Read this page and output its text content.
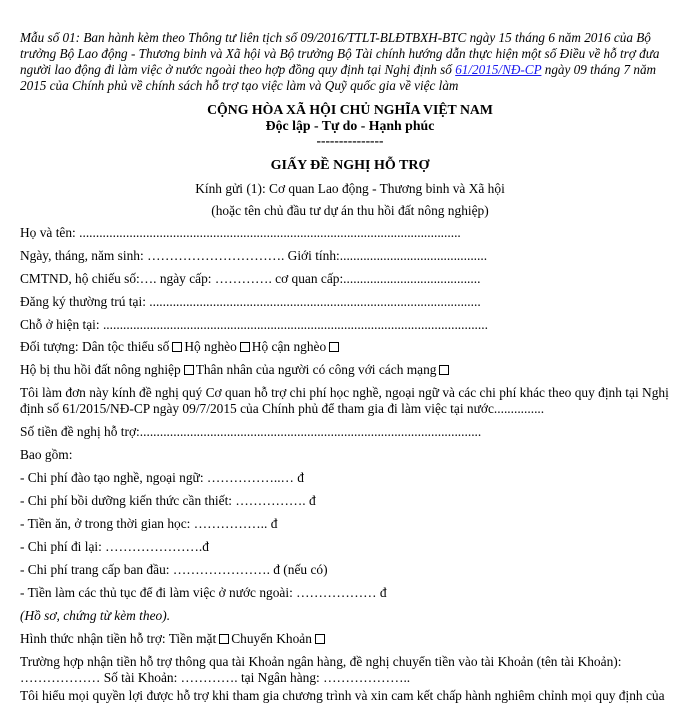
Mẫu số 01: Ban hành kèm theo Thông tư liên tịch số 09/2016/TTLT-BLĐTBXH-BTC ngày 15 tháng 6 năm 2016 của Bộ trưởng Bộ Lao động - Thương binh và Xã hội và Bộ trưởng Bộ Tài chính hướng dẫn thực hiện một số Điều về hỗ trợ đưa người lao động đi làm việc ở nước ngoài theo hợp đồng quy định tại Nghị định số 61/2015/NĐ-CP ngày 09 tháng 7 năm 2015 của Chính phủ về chính sách hỗ trợ tạo việc làm và Quỹ quốc gia về việc làm
CỘNG HÒA XÃ HỘI CHỦ NGHĨA VIỆT NAM
Độc lập - Tự do - Hạnh phúc
---------------
GIẤY ĐỀ NGHỊ HỖ TRỢ
Kính gửi (1): Cơ quan Lao động - Thương binh và Xã hội
(hoặc tên chủ đầu tư dự án thu hồi đất nông nghiệp)
Họ và tên: ..................................................................................................................
Ngày, tháng, năm sinh: …………………………. Giới tính:............................................
CMTND, hộ chiếu số:…. ngày cấp: …………. cơ quan cấp:.........................................
Đăng ký thường trú tại: ...................................................................................................
Chỗ ở hiện tại: ...................................................................................................................
Đối tượng: Dân tộc thiểu số Hộ nghèo Hộ cận nghèo
Hộ bị thu hồi đất nông nghiệp Thân nhân của người có công với cách mạng
Tôi làm đơn này kính đề nghị quý Cơ quan hỗ trợ chi phí học nghề, ngoại ngữ và các chi phí khác theo quy định tại Nghị định số 61/2015/NĐ-CP ngày 09/7/2015 của Chính phủ để tham gia đi làm việc tại nước...............
Số tiền đề nghị hỗ trợ:......................................................................................................
Bao gồm:
- Chi phí đào tạo nghề, ngoại ngữ: ……………..… đ
- Chi phí bồi dưỡng kiến thức cần thiết: ……………. đ
- Tiền ăn, ở trong thời gian học: …………….. đ
- Chi phí đi lại: ………………….đ
- Chi phí trang cấp ban đầu: …………………. đ (nếu có)
- Tiền làm các thủ tục để đi làm việc ở nước ngoài: ……………… đ
(Hồ sơ, chứng từ kèm theo).
Hình thức nhận tiền hỗ trợ: Tiền mặt Chuyển Khoản
Trường hợp nhận tiền hỗ trợ thông qua tài Khoản ngân hàng, đề nghị chuyển tiền vào tài Khoản (tên tài Khoản): ……………… Số tài Khoản: …………. tại Ngân hàng: ………………..
Tôi hiểu mọi quyền lợi được hỗ trợ khi tham gia chương trình và xin cam kết chấp hành nghiêm chỉnh mọi quy định của
